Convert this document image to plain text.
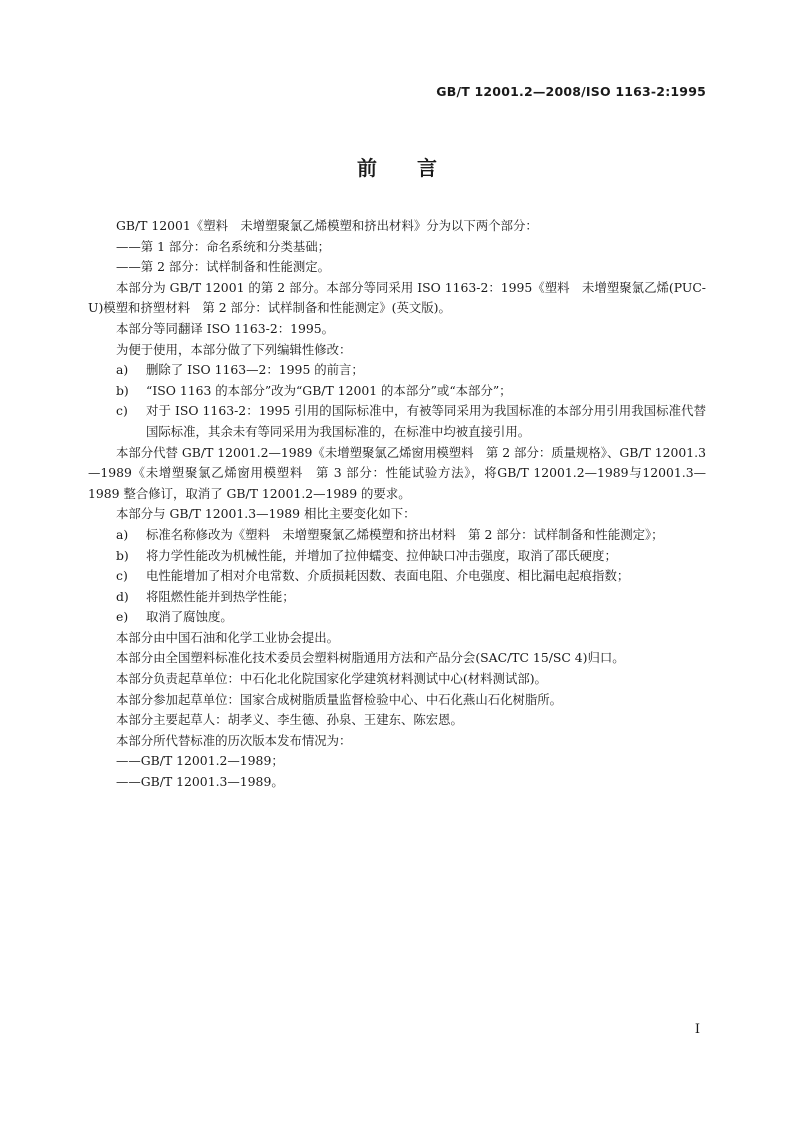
GB/T 12001.2—2008/ISO 1163-2:1995
前言

GB/T 12001《塑料　未增塑聚氯乙烯模塑和挤出材料》分为以下两个部分：

——第 1 部分：命名系统和分类基础；

——第 2 部分：试样制备和性能测定。

本部分为 GB/T 12001 的第 2 部分。本部分等同采用 ISO 1163-2：1995《塑料　未增塑聚氯乙烯(PUC-U)模塑和挤塑材料　第 2 部分：试样制备和性能测定》(英文版)。

本部分等同翻译 ISO 1163-2：1995。

为便于使用，本部分做了下列编辑性修改：

a)	删除了 ISO 1163—2：1995 的前言；
b)	“ISO 1163 的本部分”改为“GB/T 12001 的本部分”或“本部分”；
c)	对于 ISO 1163-2：1995 引用的国际标准中，有被等同采用为我国标准的本部分用引用我国标准代替国际标准，其余未有等同采用为我国标准的，在标准中均被直接引用。

本部分代替 GB/T 12001.2—1989《未增塑聚氯乙烯窗用模塑料　第 2 部分：质量规格》、GB/T 12001.3—1989《未增塑聚氯乙烯窗用模塑料　第 3 部分：性能试验方法》，将GB/T 12001.2—1989与12001.3—1989 整合修订，取消了 GB/T 12001.2—1989 的要求。

本部分与 GB/T 12001.3—1989 相比主要变化如下：

a)	标准名称修改为《塑料　未增塑聚氯乙烯模塑和挤出材料　第 2 部分：试样制备和性能测定》；
b)	将力学性能改为机械性能，并增加了拉伸蠕变、拉伸缺口冲击强度，取消了邵氏硬度；
c)	电性能增加了相对介电常数、介质损耗因数、表面电阻、介电强度、相比漏电起痕指数；
d)	将阻燃性能并到热学性能；
e)	取消了腐蚀度。

本部分由中国石油和化学工业协会提出。

本部分由全国塑料标准化技术委员会塑料树脂通用方法和产品分会(SAC/TC 15/SC 4)归口。

本部分负责起草单位：中石化北化院国家化学建筑材料测试中心(材料测试部)。

本部分参加起草单位：国家合成树脂质量监督检验中心、中石化燕山石化树脂所。

本部分主要起草人：胡孝义、李生德、孙泉、王建东、陈宏恩。

本部分所代替标准的历次版本发布情况为：

——GB/T 12001.2—1989；

——GB/T 12001.3—1989。

I
